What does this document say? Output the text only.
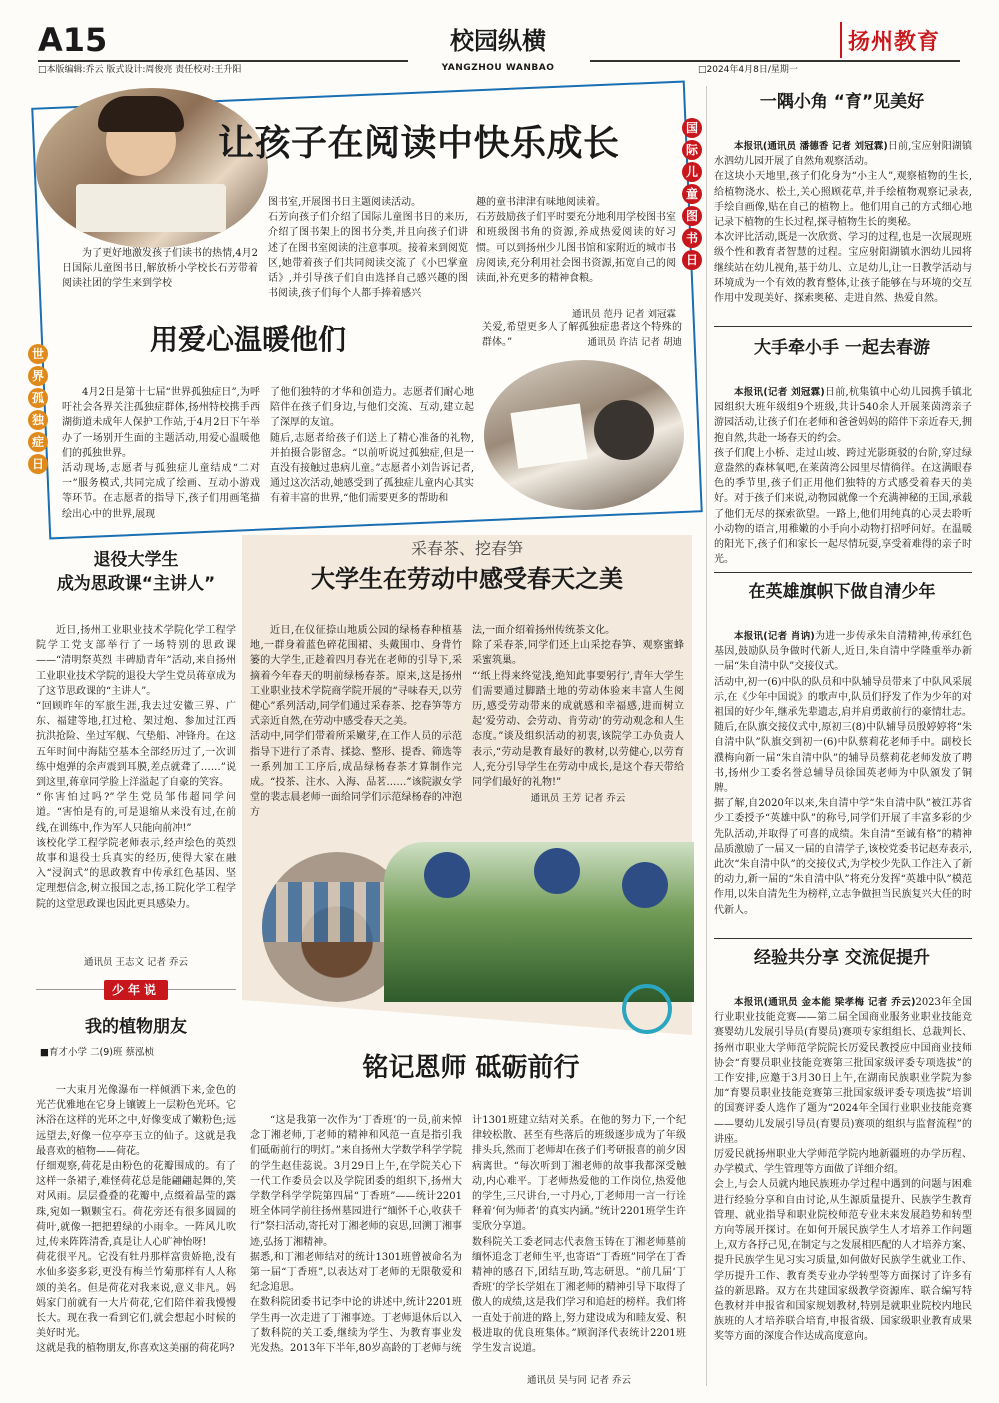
A15
□本版编辑:乔云 版式设计:周俊亮 责任校对:王升阳
校园纵横
YANGZHOU WANBAO	□2024年4月8日/星期一
扬州教育
让孩子在阅读中快乐成长	国
际
儿
童
图
书
日

为了更好地激发孩子们读书的热情,4月2日国际儿童图书日,解放桥小学校长石芳带着阅读社团的学生来到学校

图书室,开展图书日主题阅读活动。
石芳向孩子们介绍了国际儿童图书日的来历,介绍了图书架上的图书分类,并且向孩子们讲述了在图书室阅读的注意事项。接着来到阅览区,她带着孩子们共同阅读交流了《小巴掌童话》,并引导孩子们自由选择自己感兴趣的图书阅读,孩子们每个人都手捧着感兴

趣的童书津津有味地阅读着。
石芳鼓励孩子们平时要充分地利用学校图书室和班级图书角的资源,养成热爱阅读的好习惯。可以到扬州少儿图书馆和家附近的城市书房阅读,充分利用社会图书资源,拓宽自己的阅读面,补充更多的精神食粮。

通讯员 范丹 记者 刘冠霖
用爱心温暖他们	关爱,希望更多人了解孤独症患者这个特殊的群体。”	通讯员 许洁 记者 胡迪
世
界
孤
独
症
日

4月2日是第十七届“世界孤独症日”,为呼吁社会各界关注孤独症群体,扬州特校携手西湖街道未成年人保护工作站,于4月2日下午举办了一场别开生面的主题活动,用爱心温暖他们的孤独世界。
活动现场,志愿者与孤独症儿童结成“二对一”服务模式,共同完成了绘画、互动小游戏等环节。在志愿者的指导下,孩子们用画笔描绘出心中的世界,展现

了他们独特的才华和创造力。志愿者们耐心地陪伴在孩子们身边,与他们交流、互动,建立起了深厚的友谊。
随后,志愿者给孩子们送上了精心准备的礼物,并拍摄合影留念。“以前听说过孤独症,但是一直没有接触过患病儿童。”志愿者小刘告诉记者,通过这次活动,她感受到了孤独症儿童内心其实有着丰富的世界,“他们需要更多的帮助和

退役大学生
成为思政课“主讲人”

近日,扬州工业职业技术学院化学工程学院学工党支部举行了一场特别的思政课——“清明祭英烈 丰碑励青年”活动,来自扬州工业职业技术学院的退役大学生党员蒋章成为了这节思政课的“主讲人”。
“回顾昨年的军旅生涯,我去过安徽三界、广东、福建等地,扛过枪、架过炮、参加过江西抗洪抢险、坐过军舰、气垫船、冲锋舟。在这五年时间中海陆空基本全部经历过了,一次训练中炮弹的余声震到耳膜,差点就聋了……”说到这里,蒋章同学脸上洋溢起了自豪的笑容。
“你害怕过吗?”学生党员邹伟超同学问道。“害怕是有的,可是退缩从来没有过,在前线,在训练中,作为军人只能向前冲!”
该校化学工程学院老师表示,经声绘色的英烈故事和退役士兵真实的经历,使得大家在融入“浸润式”的思政教育中传承红色基因、坚定理想信念,树立报国之志,扬工院化学工程学院的这堂思政课也因此更具感染力。

通讯员 王志文 记者 乔云
少年说
我的植物朋友
■育才小学 二(9)班 蔡泓桢

一大束月光像瀑布一样倾洒下来,金色的光芒优雅地在它身上镶镀上一层粉色光环。它沐浴在这样的光环之中,好像变成了嫩粉色;远远望去,好像一位亭亭玉立的仙子。这就是我最喜欢的植物——荷花。
仔细观察,荷花是由粉色的花瓣围成的。有了这样一条裙子,难怪荷花总是能翩翩起舞的,笑对风雨。层层叠叠的花瓣中,点缀着晶莹的露珠,宛如一颗颗宝石。荷花旁还有很多圆圆的荷叶,就像一把把碧绿的小雨伞。一阵风儿吹过,传来阵阵清香,真是让人心旷神怡呀!
荷花很平凡。它没有牡丹那样富贵娇艳,没有水仙多姿多彩,更没有梅兰竹菊那样有人人称颂的美名。但是荷花对我来说,意义非凡。妈妈家门前就有一大片荷花,它们陪伴着我慢慢长大。现在我一看到它们,就会想起小时候的美好时光。
这就是我的植物朋友,你喜欢这美丽的荷花吗?

采春茶、挖春笋
大学生在劳动中感受春天之美

近日,在仪征捺山地质公园的绿杨春种植基地,一群身着蓝色碎花围裙、头戴围巾、身背竹篓的大学生,正趁着四月春光在老师的引导下,采摘着今年春天的明前绿杨春茶。原来,这是扬州工业职业技术学院商学院开展的“寻味春天,以劳健心”系列活动,同学们通过采春茶、挖春笋等方式亲近自然,在劳动中感受春天之美。
活动中,同学们带着所采嫩芽,在工作人员的示范指导下进行了杀青、揉捻、整形、提香、筛选等一系列加工工序后,成品绿杨春茶才算制作完成。“投茶、注水、入海、品茗……”该院淑女学堂的裴志晨老师一面给同学们示范绿杨春的冲泡方

法,一面介绍着扬州传统茶文化。
除了采春茶,同学们还上山采挖春笋、观察蜜蜂采蜜筑巢。
“‘纸上得来终觉浅,绝知此事要躬行’,青年大学生们需要通过脚踏土地的劳动体验来丰富人生阅历,感受劳动带来的成就感和幸福感,进而树立起‘爱劳动、会劳动、肯劳动’的劳动观念和人生态度。”谈及组织活动的初衷,该院学工办负责人表示,“劳动是教育最好的教材,以劳健心,以劳育人,充分引导学生在劳动中成长,是这个春天带给同学们最好的礼物!”

通讯员 王芳 记者 乔云
铭记恩师 砥砺前行

“这是我第一次作为‘丁香班’的一员,前来悼念丁湘老师,丁老师的精神和风范一直是指引我们砥砺前行的明灯。”来自扬州大学数学科学学院的学生赵佳蕊说。3月29日上午,在学院关心下一代工作委员会以及学院团委的组织下,扬州大学数学科学学院第四届“丁香班”——统计2201班全体同学前往扬州墓园进行“缅怀千心,收获千行”祭扫活动,寄托对丁湘老师的哀思,回溯丁湘事迹,弘扬丁湘精神。
据悉,和丁湘老师结对的统计1301班曾被命名为第一届“丁香班”,以表达对丁老师的无限敬爱和纪念追思。
在数科院团委书记李中论的讲述中,统计2201班学生再一次走进了丁湘事迹。丁老师退休后以入了数科院的关工委,继续为学生、为教育事业发光发热。2013年下半年,80岁高龄的丁老师与统

计1301班建立结对关系。在他的努力下,一个纪律较松散、甚至有些落后的班级逐步成为了年级排头兵,然而丁老师却在孩子们考研报喜的前夕因病离世。“每次听到丁湘老师的故事我都深受触动,内心难平。丁老师热爱他的工作岗位,热爱他的学生,三尺讲台,一寸丹心,丁老师用一言一行诠释着‘何为师者’的真实内涵。”统计2201班学生许雯欣分享道。
数科院关工委老同志代表詹玉铸在丁湘老师墓前缅怀追念丁老师生平,也寄语“丁香班”同学在丁香精神的感召下,团结互助,笃志研思。“前几届‘丁香班’的学长学姐在丁湘老师的精神引导下取得了傲人的成绩,这是我们学习和追赶的榜样。我们将一直处于前进的路上,努力建设成为和睦友爱、积极进取的优良班集体。”顾润泽代表统计2201班学生发言说道。

通讯员 吴与同 记者 乔云
一隅小角 “育”见美好

本报讯(通讯员 潘德香 记者 刘冠霖)日前,宝应射阳湖镇水泗幼儿园开展了自然角观察活动。
在这块小天地里,孩子们化身为“小主人”,观察植物的生长,给植物浇水、松土,关心照顾花草,并手绘植物观察记录表,手绘自画像,贴在自己的植物上。他们用自己的方式细心地记录下植物的生长过程,探寻植物生长的奥秘。
本次评比活动,既是一次欣赏、学习的过程,也是一次展现班级个性和教育者智慧的过程。宝应射阳湖镇水泗幼儿园将继续站在幼儿视角,基于幼儿、立足幼儿,让一日教学活动与环境成为一个有效的教育整体,让孩子能够在与环境的交互作用中发现美好、探索奥秘、走进自然、热爱自然。

大手牵小手 一起去春游

本报讯(记者 刘冠霖)日前,杭集镇中心幼儿园携手镇北园组织大班年级组9个班级,共计540余人开展莱茵湾亲子游园活动,让孩子们在老师和爸爸妈妈的陪伴下亲近春天,拥抱自然,共赴一场春天的约会。
孩子们爬上小桥、走过山坡、跨过光影斑驳的台阶,穿过绿意盎然的森林氧吧,在莱茵湾公园里尽情徜徉。在这满眼春色的季节里,孩子们正用他们独特的方式感受着春天的美好。对于孩子们来说,动物园就像一个充满神秘的王国,承载了他们无尽的探索欲望。一路上,他们用纯真的心灵去聆听小动物的语言,用稚嫩的小手向小动物打招呼问好。在温暖的阳光下,孩子们和家长一起尽情玩耍,享受着难得的亲子时光。

在英雄旗帜下做自清少年

本报讯(记者 肖讷)为进一步传承朱自清精神,传承红色基因,鼓励队员争做时代新人,近日,朱自清中学隆重举办新一届“朱自清中队”交接仪式。
活动中,初一(6)中队的队员和中队辅导员带来了中队风采展示,在《少年中国说》的歌声中,队员们抒发了作为少年的对祖国的好少年,继承先辈遗志,肩并肩勇敢前行的豪情壮志。随后,在队旗交接仪式中,原初三(8)中队辅导员殷婷婷将“朱自清中队”队旗交到初一(6)中队蔡莉花老师手中。副校长濮梅向新一届“朱自清中队”的辅导员蔡莉花老师发放了聘书,扬州少工委名誉总辅导员徐国英老师为中队颁发了铜牌。
据了解,自2020年以来,朱自清中学“朱自清中队”被江苏省少工委授予“英雄中队”的称号,同学们开展了丰富多彩的少先队活动,并取得了可喜的成绩。朱自清“至诚有格”的精神品质激励了一届又一届的自清学子,该校党委书记赵寿表示,此次“朱自清中队”的交接仪式,为学校少先队工作注入了新的动力,新一届的“朱自清中队”将充分发挥“英雄中队”模范作用,以朱自清先生为榜样,立志争做担当民族复兴大任的时代新人。

经验共分享 交流促提升

本报讯(通讯员 金本能 梁孝梅 记者 乔云)2023年全国行业职业技能竞赛——第二届全国商业服务业职业技能竞赛婴幼儿发展引导员(育婴员)赛项专家组组长、总裁判长、扬州市职业大学师范学院院长厉爱民教授应中国商业技师协会“育婴员职业技能竞赛第三批国家级评委专项选拔”的工作安排,应邀于3月30日上午,在湖南民族职业学院为参加“育婴员职业技能竞赛第三批国家级评委专项选拔”培训的国赛评委人选作了题为“2024年全国行业职业技能竞赛——婴幼儿发展引导员(育婴员)赛项的组织与监督流程”的讲座。
厉爱民就扬州职业大学师范学院内地新疆班的办学历程、办学模式、学生管理等方面做了详细介绍。
会上,与会人员就内地民族班办学过程中遇到的问题与困难进行经验分享和自由讨论,从生源质量提升、民族学生教育管理、就业指导和职业院校师范专业未来发展趋势和转型方向等展开探讨。在如何开展民族学生人才培养工作问题上,双方各抒己见,在制定与之发展相匹配的人才培养方案、提升民族学生见习实习质量,如何做好民族学生就业工作、学历提升工作、教育类专业办学转型等方面探讨了许多有益的新思路。双方在共建国家级教学资源库、联合编写特色教材并申报省和国家规划教材,特别是就职业院校内地民族班的人才培养联合培育,申报省级、国家级职业教育成果奖等方面的深度合作达成高度意向。
